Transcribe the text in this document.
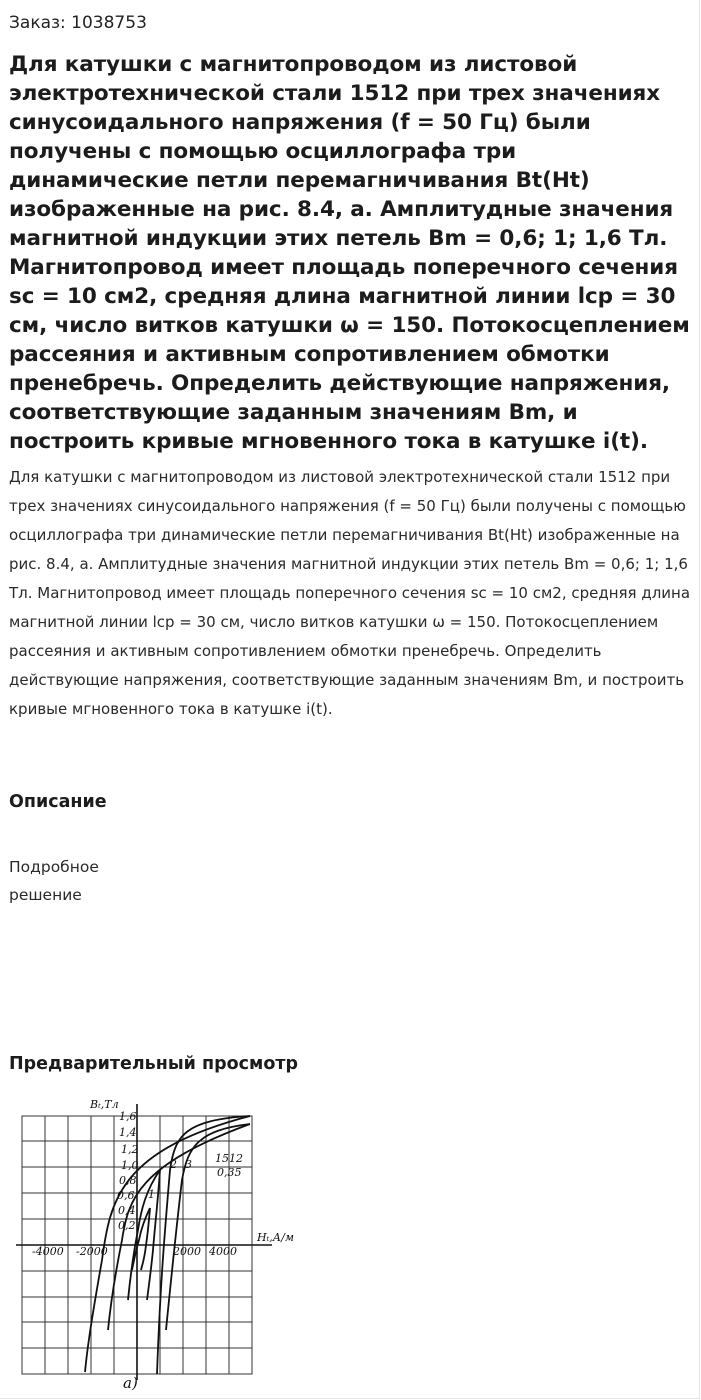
Заказ: 1038753
Для катушки с магнитопроводом из листовой электротехнической стали 1512 при трех значениях синусоидального напряжения (f = 50 Гц) были получены с помощью осциллографа три динамические петли перемагничивания Bt(Ht) изображенные на рис. 8.4, а. Амплитудные значения магнитной индукции этих петель Bm = 0,6; 1; 1,6 Тл. Магнитопровод имеет площадь поперечного сечения sc = 10 см2, средняя длина магнитной линии lср = 30 см, число витков катушки ω = 150. Потокосцеплением рассеяния и активным сопротивлением обмотки пренебречь. Определить действующие напряжения, соответствующие заданным значениям Bm, и построить кривые мгновенного тока в катушке i(t).
Для катушки с магнитопроводом из листовой электротехнической стали 1512 при трех значениях синусоидального напряжения (f = 50 Гц) были получены с помощью осциллографа три динамические петли перемагничивания Bt(Ht) изображенные на рис. 8.4, а. Амплитудные значения магнитной индукции этих петель Bm = 0,6; 1; 1,6 Тл. Магнитопровод имеет площадь поперечного сечения sc = 10 см2, средняя длина магнитной линии lср = 30 см, число витков катушки ω = 150. Потокосцеплением рассеяния и активным сопротивлением обмотки пренебречь. Определить действующие напряжения, соответствующие заданным значениям Bm, и построить кривые мгновенного тока в катушке i(t).
Описание
Подробное
решение
Предварительный просмотр
Bₜ,Тл
Hₜ,А/м
1,6
1,4
1,2
1,0
0,8
0,6
0,4
0,2
-4000 -2000	2000 4000
1
2 3 1512
0,35
а)
